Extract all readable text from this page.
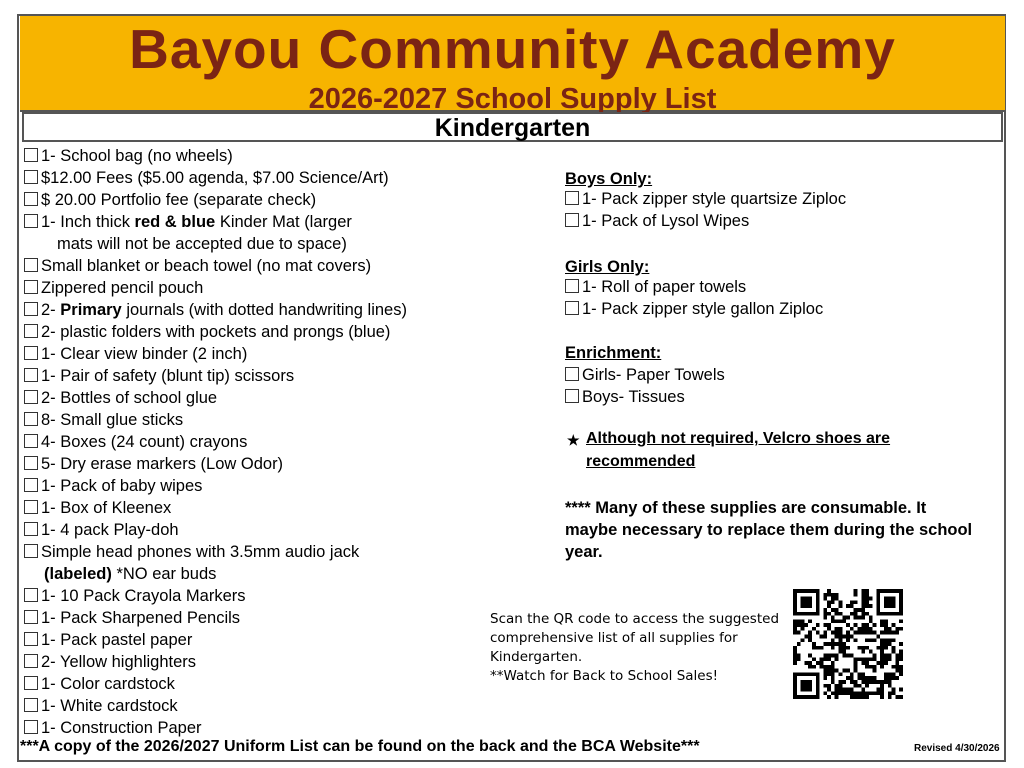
Bayou Community Academy
2026-2027 School Supply List
Kindergarten
1- School bag (no wheels)
$12.00 Fees ($5.00 agenda, $7.00 Science/Art)
$ 20.00 Portfolio fee (separate check)
1- Inch thick red & blue Kinder Mat (larger
Small blanket or beach towel (no mat covers)
Zippered pencil pouch
2- Primary journals (with dotted handwriting lines)
2- plastic folders with pockets and prongs (blue)
1- Clear view binder (2 inch)
1- Pair of safety (blunt tip) scissors
2- Bottles of school glue
8- Small glue sticks
4- Boxes (24 count) crayons
5- Dry erase markers (Low Odor)
1- Pack of baby wipes
1- Box of Kleenex
1- 4 pack Play-doh
Simple head phones with 3.5mm audio jack
1- 10 Pack Crayola Markers
1- Pack Sharpened Pencils
1- Pack pastel paper
2- Yellow highlighters
1- Color cardstock
1- White cardstock
1- Construction Paper
mats will not be accepted due to space)
(labeled) *NO ear buds
Boys Only:
1- Pack zipper style quartsize Ziploc
1- Pack of Lysol Wipes
Girls Only:
1- Roll of paper towels
1- Pack zipper style gallon Ziploc
Enrichment:
Girls- Paper Towels
Boys- Tissues
★ Although not required, Velcro shoes are
recommended
**** Many of these supplies are consumable. It maybe necessary to replace them during the school year.
Scan the QR code to access the suggested
comprehensive list of all supplies for
Kindergarten.
**Watch for Back to School Sales!
***A copy of the 2026/2027 Uniform List can be found on the back and the BCA Website***	Revised 4/30/2026
